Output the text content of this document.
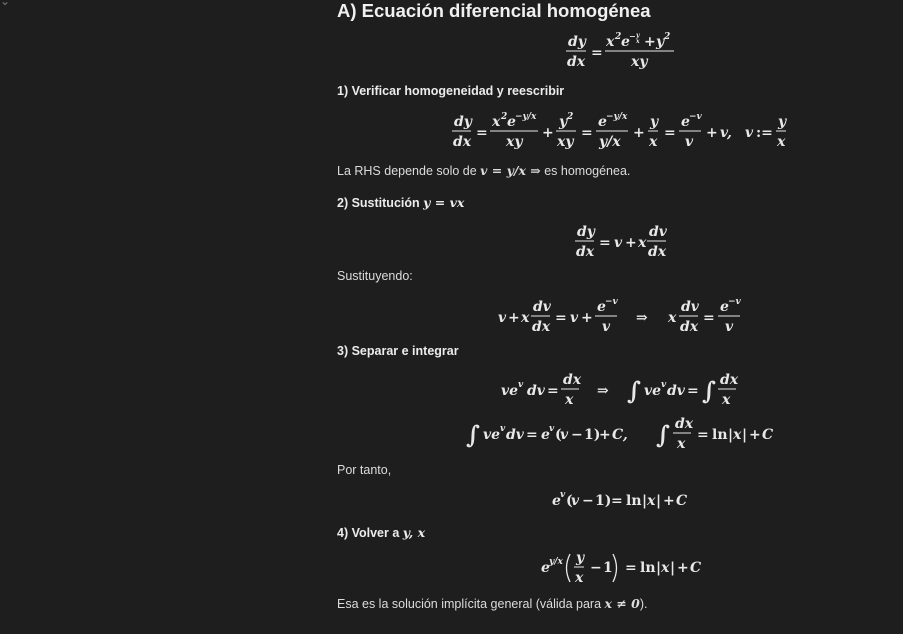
⌄	A) Ecuación diferencial homogénea
dy
dx
=
x 2 e − y
x + y 2
xy
1) Verificar homogeneidad y reescribir
dy
dx
=
x 2 e −y/x
xy
+
y 2
xy
=
e −y/x
y/x
+
y
x
=
e −v
v
+ v, v :=
y
x
La RHS depende solo de v = y/x ⇒ es homogénea.
2) Sustitución y = vx
dy
dx
= v + x
dv
dx
Sustituyendo:
v + x
dv
dx
= v +
e −v
v
⇒ x
dv
dx
=
e −v
v
3) Separar e integrar
ve v dv =
dx
x
⇒ ∫ ve v dv = ∫ dx
x
∫ ve v dv = e v (
v − 1)
+ C, ∫ dx
x
= ln | x | + C
Por tanto,
e v (
v − 1) = ln | x | + C
4) Volver a y, x
e y/x y
x
− 1 = ln | x | + C
Esa es la solución implícita general (válida para x ≠ 0).
